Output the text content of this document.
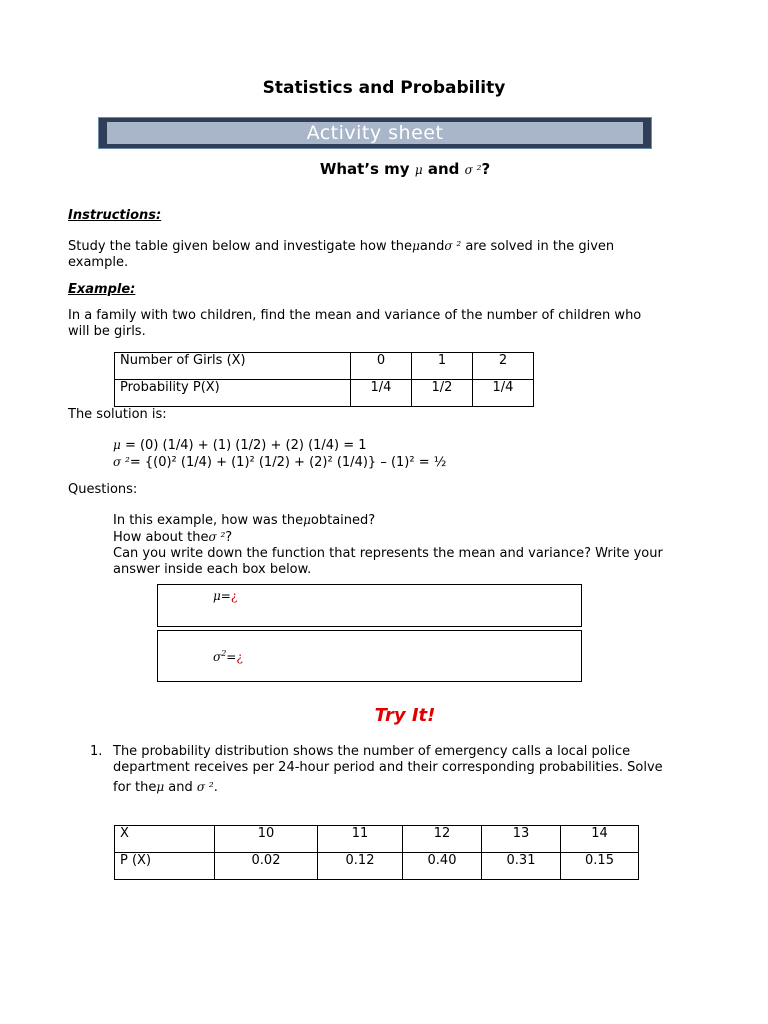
Statistics and Probability
Activity sheet
What’s my μ and σ ²?
Instructions:
Study the table given below and investigate how theμandσ ² are solved in the given
example.
Example:
In a family with two children, find the mean and variance of the number of children who
will be girls.
Number of Girls (X)	0	1	2
Probability P(X)	1/4	1/2	1/4
The solution is:
μ = (0) (1/4) + (1) (1/2) + (2) (1/4) = 1
σ ²= {(0)² (1/4) + (1)² (1/2) + (2)² (1/4)} – (1)² = ½
Questions:
In this example, how was theμobtained?
How about theσ ²?
Can you write down the function that represents the mean and variance? Write your
answer inside each box below.
μ=¿
$\sigma^2=¿$
Try It!
1. The probability distribution shows the number of emergency calls a local police
department receives per 24-hour period and their corresponding probabilities. Solve
for theμ and σ ².
X	10	11	12	13	14
P (X)	0.02	0.12	0.40	0.31	0.15
